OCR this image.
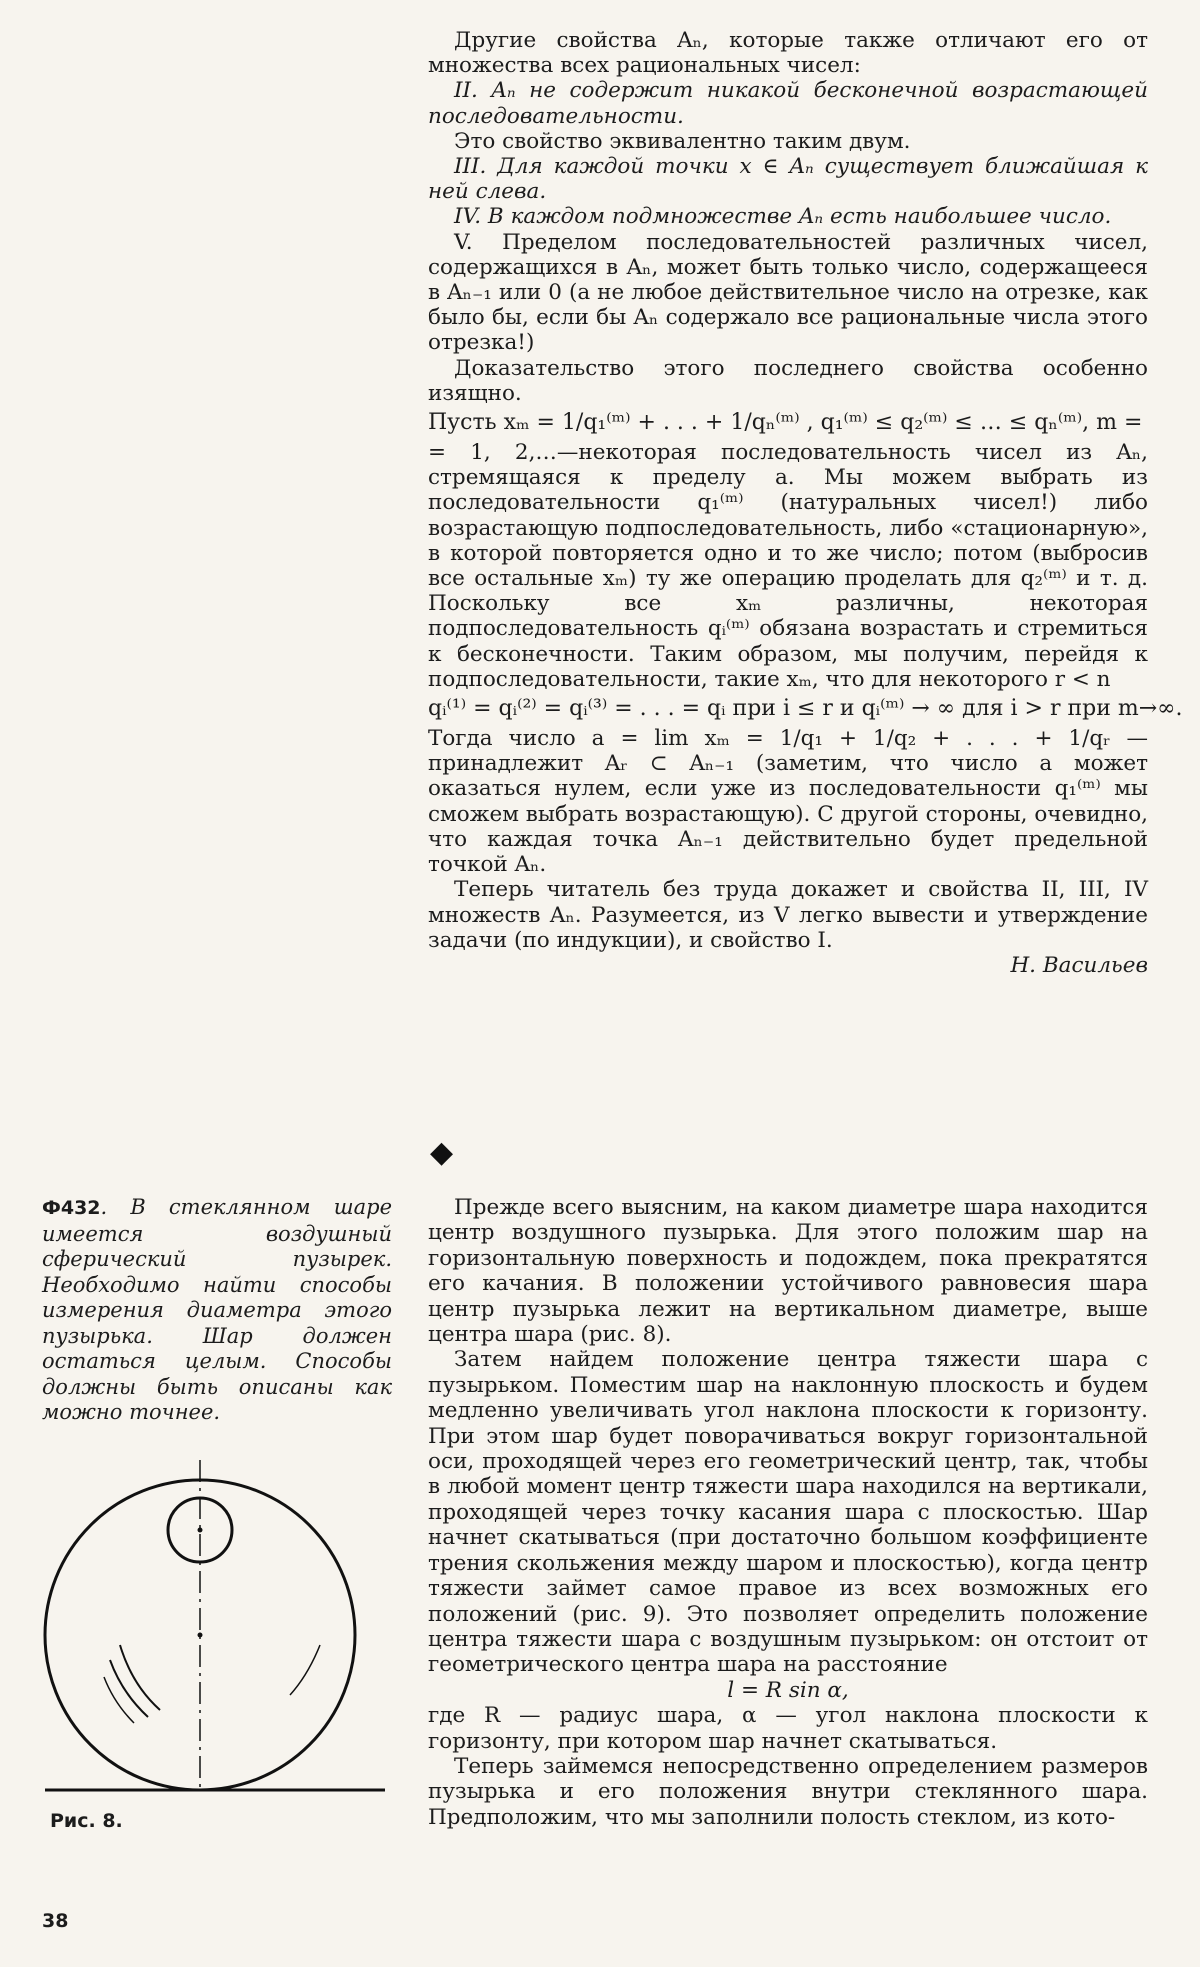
Другие свойства Aₙ, которые также отличают его от множества всех рациональных чисел:

II. Aₙ не содержит никакой бесконечной возрастающей последовательности.

Это свойство эквивалентно таким двум.

III. Для каждой точки x ∈ Aₙ существует ближайшая к ней слева.

IV. В каждом подмножестве Aₙ есть наибольшее число.

V. Пределом последовательностей различных чисел, содержащихся в Aₙ, может быть только число, содержащееся в Aₙ₋₁ или 0 (а не любое действительное число на отрезке, как было бы, если бы Aₙ содержало все рациональные числа этого отрезка!)

Доказательство этого последнего свойства особенно изящно.

Пусть xₘ = 1/q₁⁽ᵐ⁾ + . . . + 1/qₙ⁽ᵐ⁾ , q₁⁽ᵐ⁾ ≤ q₂⁽ᵐ⁾ ≤ … ≤ qₙ⁽ᵐ⁾, m =

= 1, 2,…—некоторая последовательность чисел из Aₙ, стремящаяся к пределу a. Мы можем выбрать из последовательности q₁⁽ᵐ⁾ (натуральных чисел!) либо возрастающую подпоследовательность, либо «стационарную», в которой повторяется одно и то же число; потом (выбросив все остальные xₘ) ту же операцию проделать для q₂⁽ᵐ⁾ и т. д. Поскольку все xₘ различны, некоторая подпоследовательность qᵢ⁽ᵐ⁾ обязана возрастать и стремиться к бесконечности. Таким образом, мы получим, перейдя к подпоследовательности, такие xₘ, что для некоторого r < n

qᵢ⁽¹⁾ = qᵢ⁽²⁾ = qᵢ⁽³⁾ = . . . = qᵢ при i ≤ r и qᵢ⁽ᵐ⁾ → ∞ для i > r при m→∞.

Тогда число a = lim xₘ = 1/q₁ + 1/q₂ + . . . + 1/qᵣ — принадлежит Aᵣ ⊂ Aₙ₋₁ (заметим, что число a может оказаться нулем, если уже из последовательности q₁⁽ᵐ⁾ мы сможем выбрать возрастающую). С другой стороны, очевидно, что каждая точка Aₙ₋₁ действительно будет предельной точкой Aₙ.

Теперь читатель без труда докажет и свойства II, III, IV множеств Aₙ. Разумеется, из V легко вывести и утверждение задачи (по индукции), и свойство I.

Н. Васильев

◆
Ф432. В стеклянном шаре имеется воздушный сферический пузырек. Необходимо найти способы измерения диаметра этого пузырька. Шар должен остаться целым. Способы должны быть описаны как можно точнее.

Прежде всего выясним, на каком диаметре шара находится центр воздушного пузырька. Для этого положим шар на горизонтальную поверхность и подождем, пока прекратятся его качания. В положении устойчивого равновесия шара центр пузырька лежит на вертикальном диаметре, выше центра шара (рис. 8).

Затем найдем положение центра тяжести шара с пузырьком. Поместим шар на наклонную плоскость и будем медленно увеличивать угол наклона плоскости к горизонту. При этом шар будет поворачиваться вокруг горизонтальной оси, проходящей через его геометрический центр, так, чтобы в любой момент центр тяжести шара находился на вертикали, проходящей через точку касания шара с плоскостью. Шар начнет скатываться (при достаточно большом коэффициенте трения скольжения между шаром и плоскостью), когда центр тяжести займет самое правое из всех возможных его положений (рис. 9). Это позволяет определить положение центра тяжести шара с воздушным пузырьком: он отстоит от геометрического центра шара на расстояние

l = R sin α,

где R — радиус шара, α — угол наклона плоскости к горизонту, при котором шар начнет скатываться.

Теперь займемся непосредственно определением размеров пузырька и его положения внутри стеклянного шара. Предположим, что мы заполнили полость стеклом, из кото-

Рис. 8.
38
